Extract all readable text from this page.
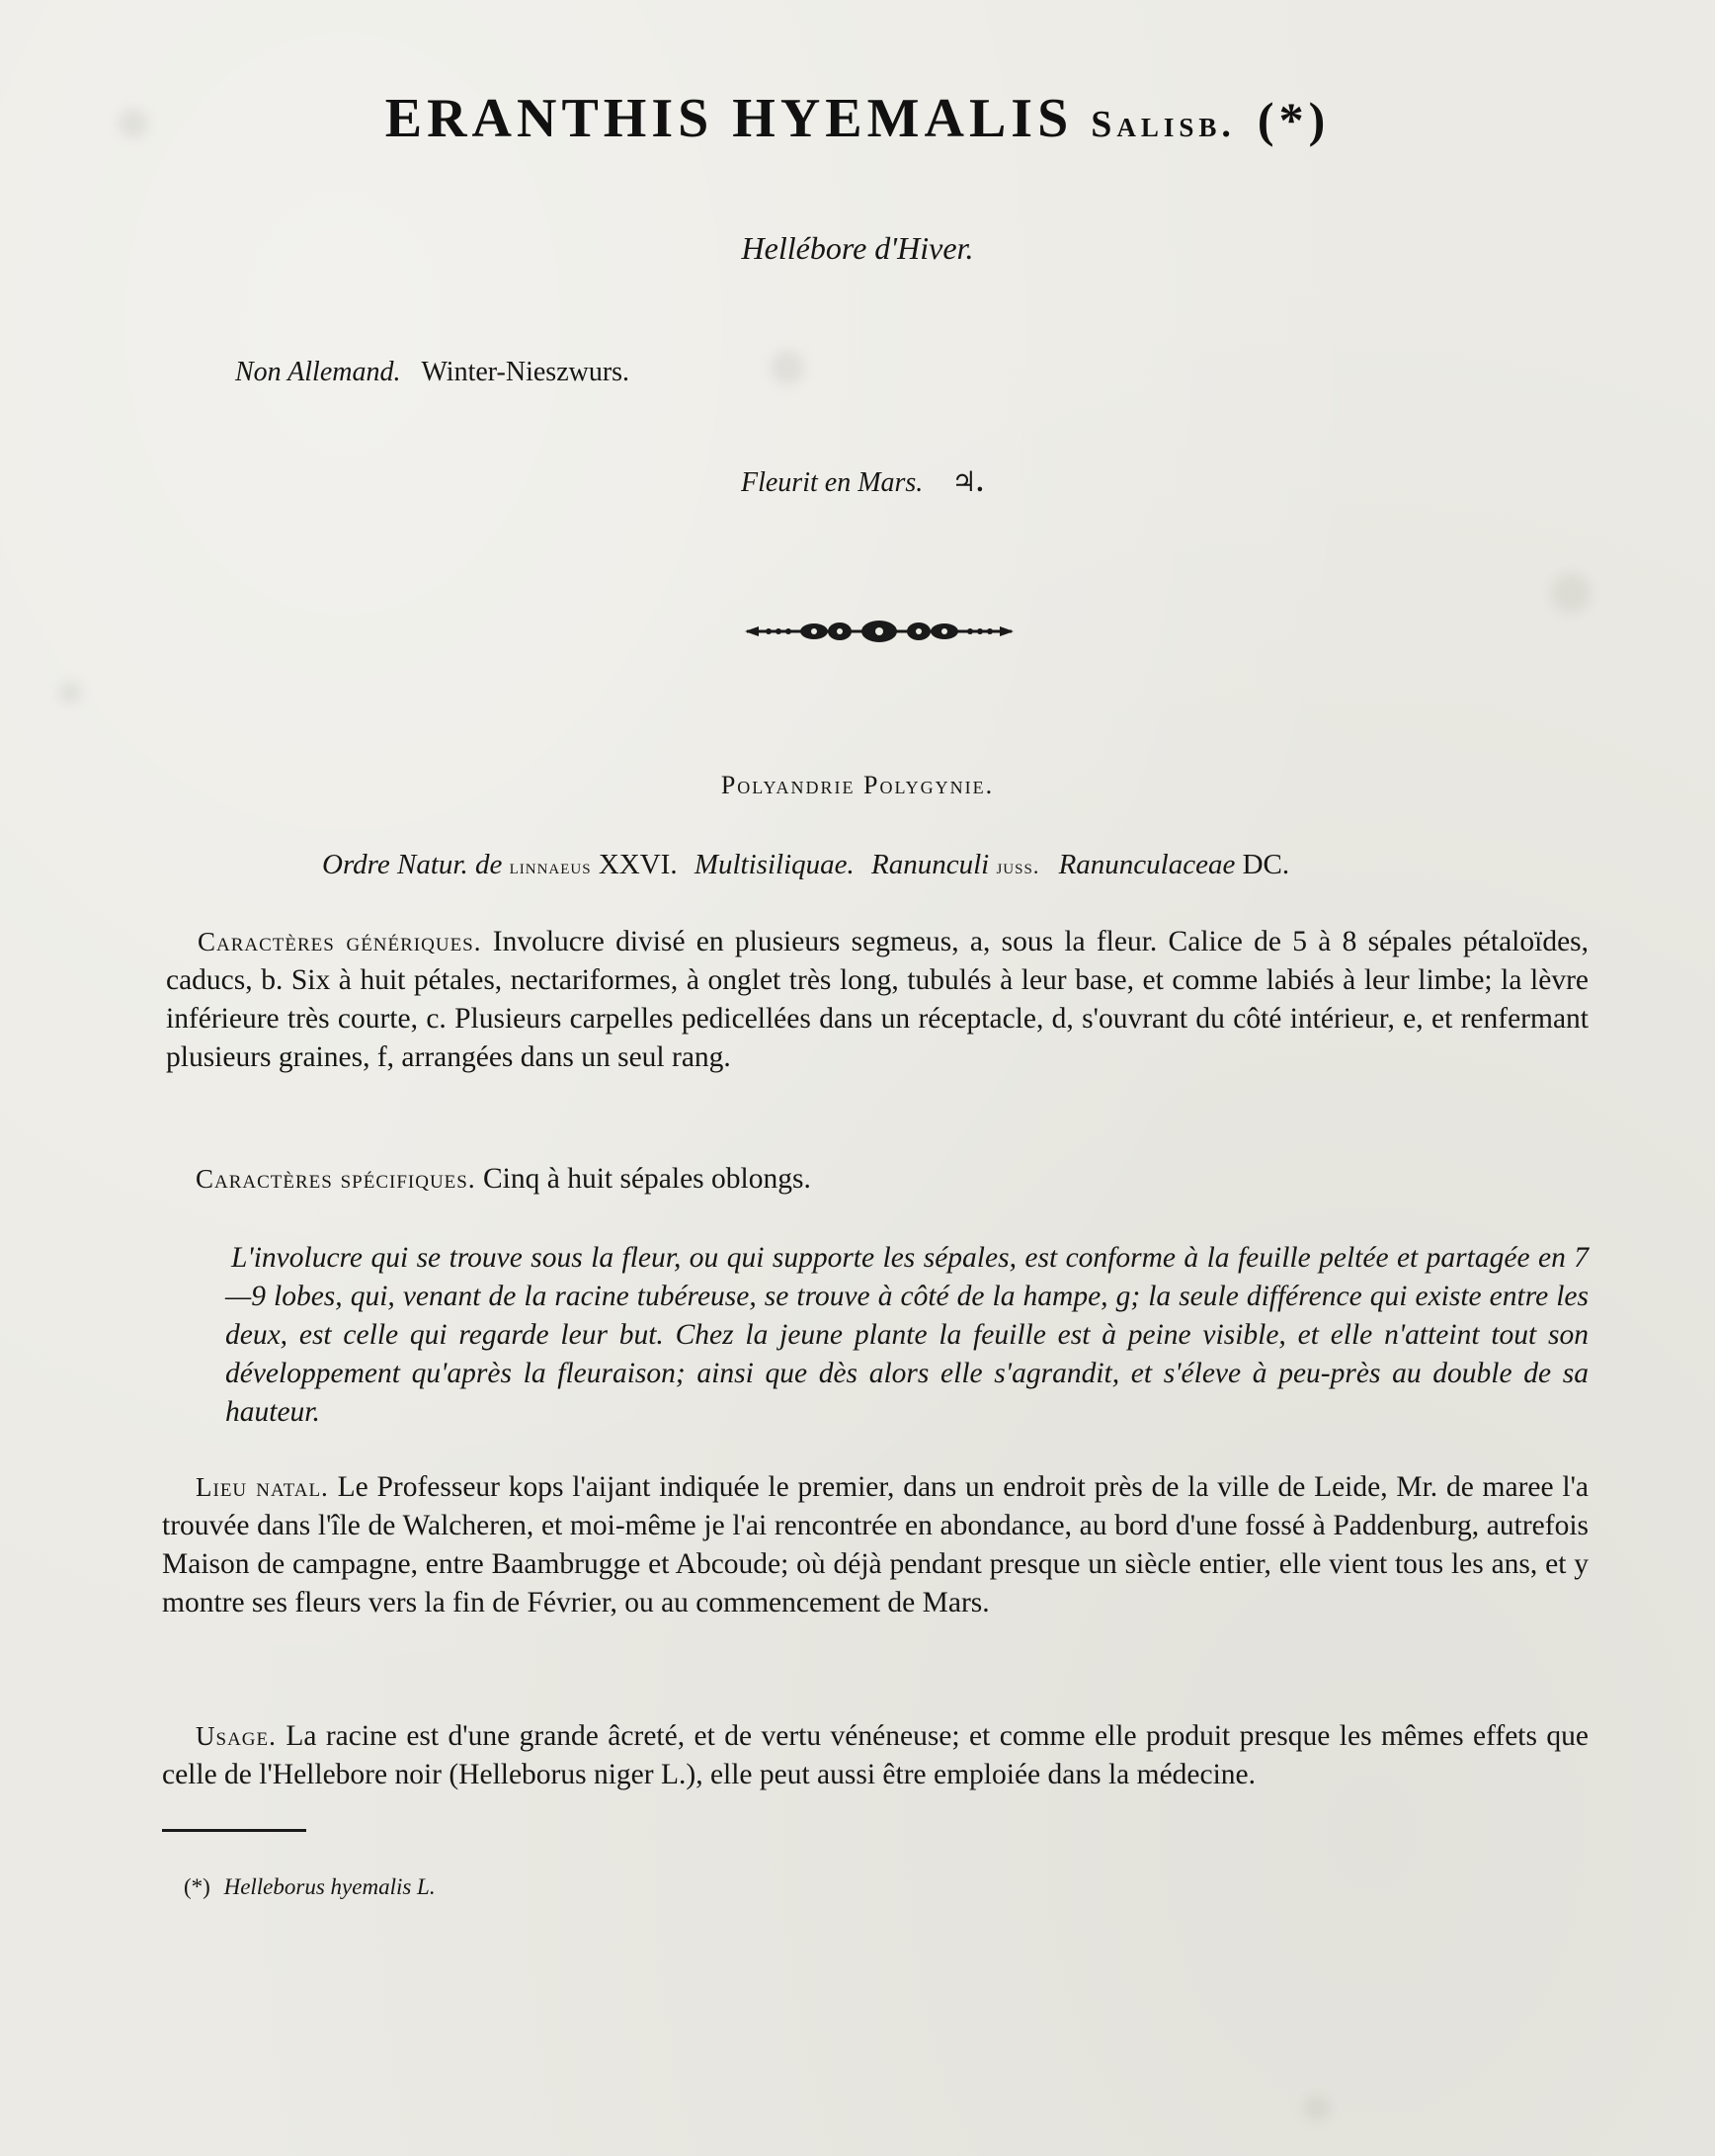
ERANTHIS HYEMALIS Salisb. (*)
Hellébore d'Hiver.
Non Allemand. Winter-Nieszwurs.
Fleurit en Mars. ♃.
Polyandrie Polygynie.
Ordre Natur. de linnaeus XXVI. Multisiliquae. Ranunculi juss. Ranunculaceae DC.
Caractères génériques. Involucre divisé en plusieurs segmeus, a, sous la fleur. Calice de 5 à 8 sépales pétaloïdes, caducs, b. Six à huit pétales, nectariformes, à onglet très long, tubulés à leur base, et comme labiés à leur limbe; la lèvre inférieure très courte, c. Plusieurs carpelles pedicellées dans un réceptacle, d, s'ouvrant du côté intérieur, e, et renfermant plusieurs graines, f, arrangées dans un seul rang.
Caractères spécifiques. Cinq à huit sépales oblongs.
L'involucre qui se trouve sous la fleur, ou qui supporte les sépales, est conforme à la feuille peltée et partagée en 7—9 lobes, qui, venant de la racine tubéreuse, se trouve à côté de la hampe, g; la seule différence qui existe entre les deux, est celle qui regarde leur but. Chez la jeune plante la feuille est à peine visible, et elle n'atteint tout son développement qu'après la fleuraison; ainsi que dès alors elle s'agrandit, et s'éleve à peu-près au double de sa hauteur.
Lieu natal. Le Professeur kops l'aijant indiquée le premier, dans un endroit près de la ville de Leide, Mr. de maree l'a trouvée dans l'île de Walcheren, et moi-même je l'ai rencontrée en abondance, au bord d'une fossé à Paddenburg, autrefois Maison de campagne, entre Baambrugge et Abcoude; où déjà pendant presque un siècle entier, elle vient tous les ans, et y montre ses fleurs vers la fin de Février, ou au commencement de Mars.
Usage. La racine est d'une grande âcreté, et de vertu vénéneuse; et comme elle produit presque les mêmes effets que celle de l'Hellebore noir (Helleborus niger L.), elle peut aussi être emploiée dans la médecine.
(*) Helleborus hyemalis L.
